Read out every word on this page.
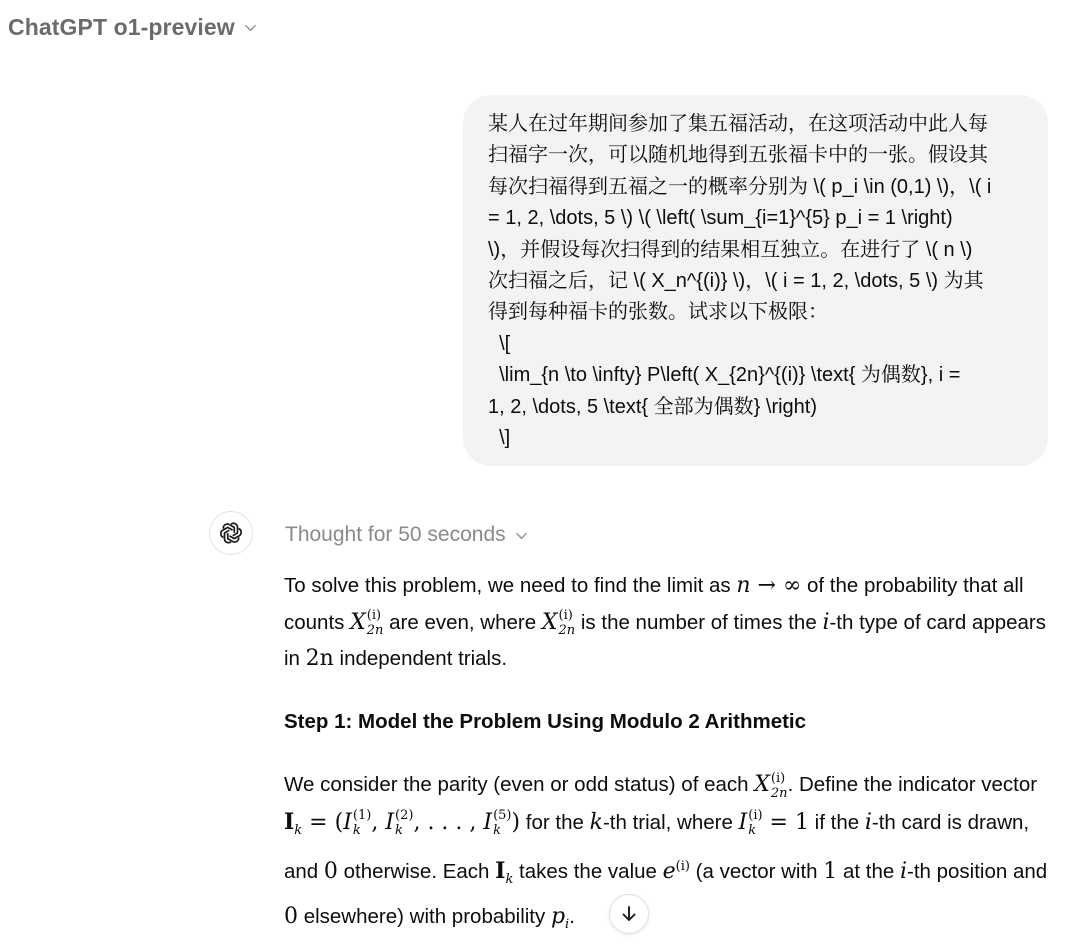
ChatGPT o1-preview

某人在过年期间参加了集五福活动，在这项活动中此人每

扫福字一次，可以随机地得到五张福卡中的一张。假设其

每次扫福得到五福之一的概率分别为 \( p_i \in (0,1) \)，\( i

= 1, 2, \dots, 5 \) \( \left( \sum_{i=1}^{5} p_i = 1 \right)

\)，并假设每次扫得到的结果相互独立。在进行了 \( n \)

次扫福之后，记 \( X_n^{(i)} \)，\( i = 1, 2, \dots, 5 \) 为其

得到每种福卡的张数。试求以下极限：

\[

\lim_{n \to \infty} P\left( X_{2n}^{(i)} \text{ 为偶数}, i =

1, 2, \dots, 5 \text{ 全部为偶数} \right)

\]

Thought for 50 seconds

To solve this problem, we need to find the limit as n → ∞ of the probability that all counts X (i)
2n are even, where X (i)
2n is the number of times the i-th type of card appears in 2n independent trials.

Step 1: Model the Problem Using Modulo 2 Arithmetic

We consider the parity (even or odd status) of each X (i)
2n . Define the indicator vector $I_k = (I$ (1)
k , I (2)
k , . . . , I (5)
k ) for the k-th trial, where I (i)
k = 1 if the i-th card is drawn, and 0 otherwise. Each $I_k$ takes the value $e^{(i)}$ (a vector with 1 at the i-th position and 0 elsewhere) with probability $p_i$.
